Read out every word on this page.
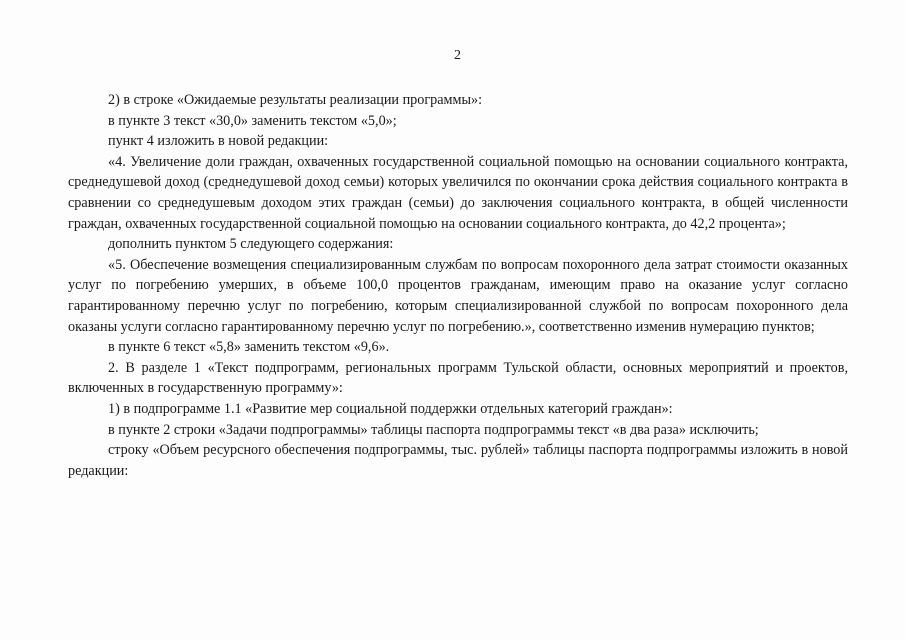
2

2) в строке «Ожидаемые результаты реализации программы»:

в пункте 3 текст «30,0» заменить текстом «5,0»;

пункт 4 изложить в новой редакции:

«4. Увеличение доли граждан, охваченных государственной социальной помощью на основании социального контракта, среднедушевой доход (среднедушевой доход семьи) которых увеличился по окончании срока действия социального контракта в сравнении со среднедушевым доходом этих граждан (семьи) до заключения социального контракта, в общей численности граждан, охваченных государственной социальной помощью на основании социального контракта, до 42,2 процента»;

дополнить пунктом 5 следующего содержания:

«5. Обеспечение возмещения специализированным службам по вопросам похоронного дела затрат стоимости оказанных услуг по погребению умерших, в объеме 100,0 процентов гражданам, имеющим право на оказание услуг согласно гарантированному перечню услуг по погребению, которым специализированной службой по вопросам похоронного дела оказаны услуги согласно гарантированному перечню услуг по погребению.», соответственно изменив нумерацию пунктов;

в пункте 6 текст «5,8» заменить текстом «9,6».

2. В разделе 1 «Текст подпрограмм, региональных программ Тульской области, основных мероприятий и проектов, включенных в государственную программу»:

1) в подпрограмме 1.1 «Развитие мер социальной поддержки отдельных категорий граждан»:

в пункте 2 строки «Задачи подпрограммы» таблицы паспорта подпрограммы текст «в два раза» исключить;

строку «Объем ресурсного обеспечения подпрограммы, тыс. рублей» таблицы паспорта подпрограммы изложить в новой редакции:
